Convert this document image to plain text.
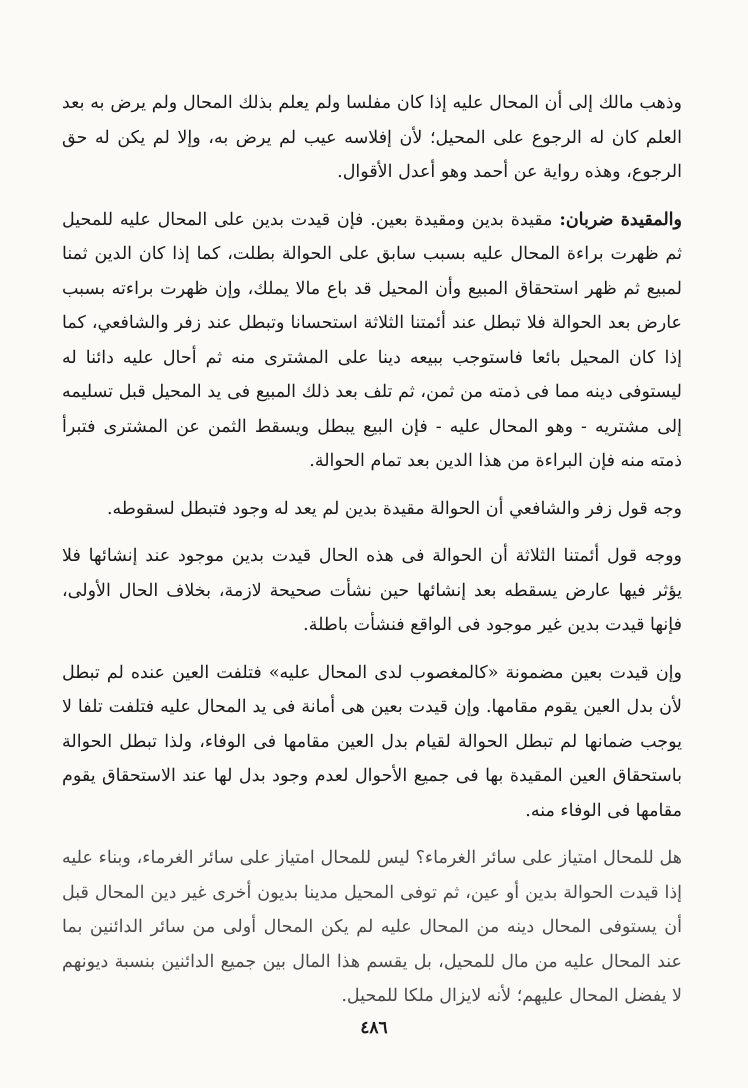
وذهب مالك إلى أن المحال عليه إذا كان مفلسا ولم يعلم بذلك المحال ولم يرض به بعد العلم كان له الرجوع على المحيل؛ لأن إفلاسه عيب لم يرض به، وإلا لم يكن له حق الرجوع، وهذه رواية عن أحمد وهو أعدل الأقوال.

والمقيدة ضربان: مقيدة بدين ومقيدة بعين. فإن قيدت بدين على المحال عليه للمحيل ثم ظهرت براءة المحال عليه بسبب سابق على الحوالة بطلت، كما إذا كان الدين ثمنا لمبيع ثم ظهر استحقاق المبيع وأن المحيل قد باع مالا يملك، وإن ظهرت براءته بسبب عارض بعد الحوالة فلا تبطل عند أئمتنا الثلاثة استحسانا وتبطل عند زفر والشافعي، كما إذا كان المحيل بائعا فاستوجب ببيعه دينا على المشترى منه ثم أحال عليه دائنا له ليستوفى دينه مما فى ذمته من ثمن، ثم تلف بعد ذلك المبيع فى يد المحيل قبل تسليمه إلى مشتريه - وهو المحال عليه - فإن البيع يبطل ويسقط الثمن عن المشترى فتبرأ ذمته منه فإن البراءة من هذا الدين بعد تمام الحوالة.

وجه قول زفر والشافعي أن الحوالة مقيدة بدين لم يعد له وجود فتبطل لسقوطه.

ووجه قول أئمتنا الثلاثة أن الحوالة فى هذه الحال قيدت بدين موجود عند إنشائها فلا يؤثر فيها عارض يسقطه بعد إنشائها حين نشأت صحيحة لازمة، بخلاف الحال الأولى، فإنها قيدت بدين غير موجود فى الواقع فنشأت باطلة.

وإن قيدت بعين مضمونة «كالمغصوب لدى المحال عليه» فتلفت العين عنده لم تبطل لأن بدل العين يقوم مقامها. وإن قيدت بعين هى أمانة فى يد المحال عليه فتلفت تلفا لا يوجب ضمانها لم تبطل الحوالة لقيام بدل العين مقامها فى الوفاء، ولذا تبطل الحوالة باستحقاق العين المقيدة بها فى جميع الأحوال لعدم وجود بدل لها عند الاستحقاق يقوم مقامها فى الوفاء منه.

هل للمحال امتياز على سائر الغرماء؟ ليس للمحال امتياز على سائر الغرماء، وبناء عليه إذا قيدت الحوالة بدين أو عين، ثم توفى المحيل مدينا بديون أخرى غير دين المحال قبل أن يستوفى المحال دينه من المحال عليه لم يكن المحال أولى من سائر الدائنين بما عند المحال عليه من مال للمحيل، بل يقسم هذا المال بين جميع الدائنين بنسبة ديونهم لا يفضل المحال عليهم؛ لأنه لايزال ملكا للمحيل.

٤٨٦
